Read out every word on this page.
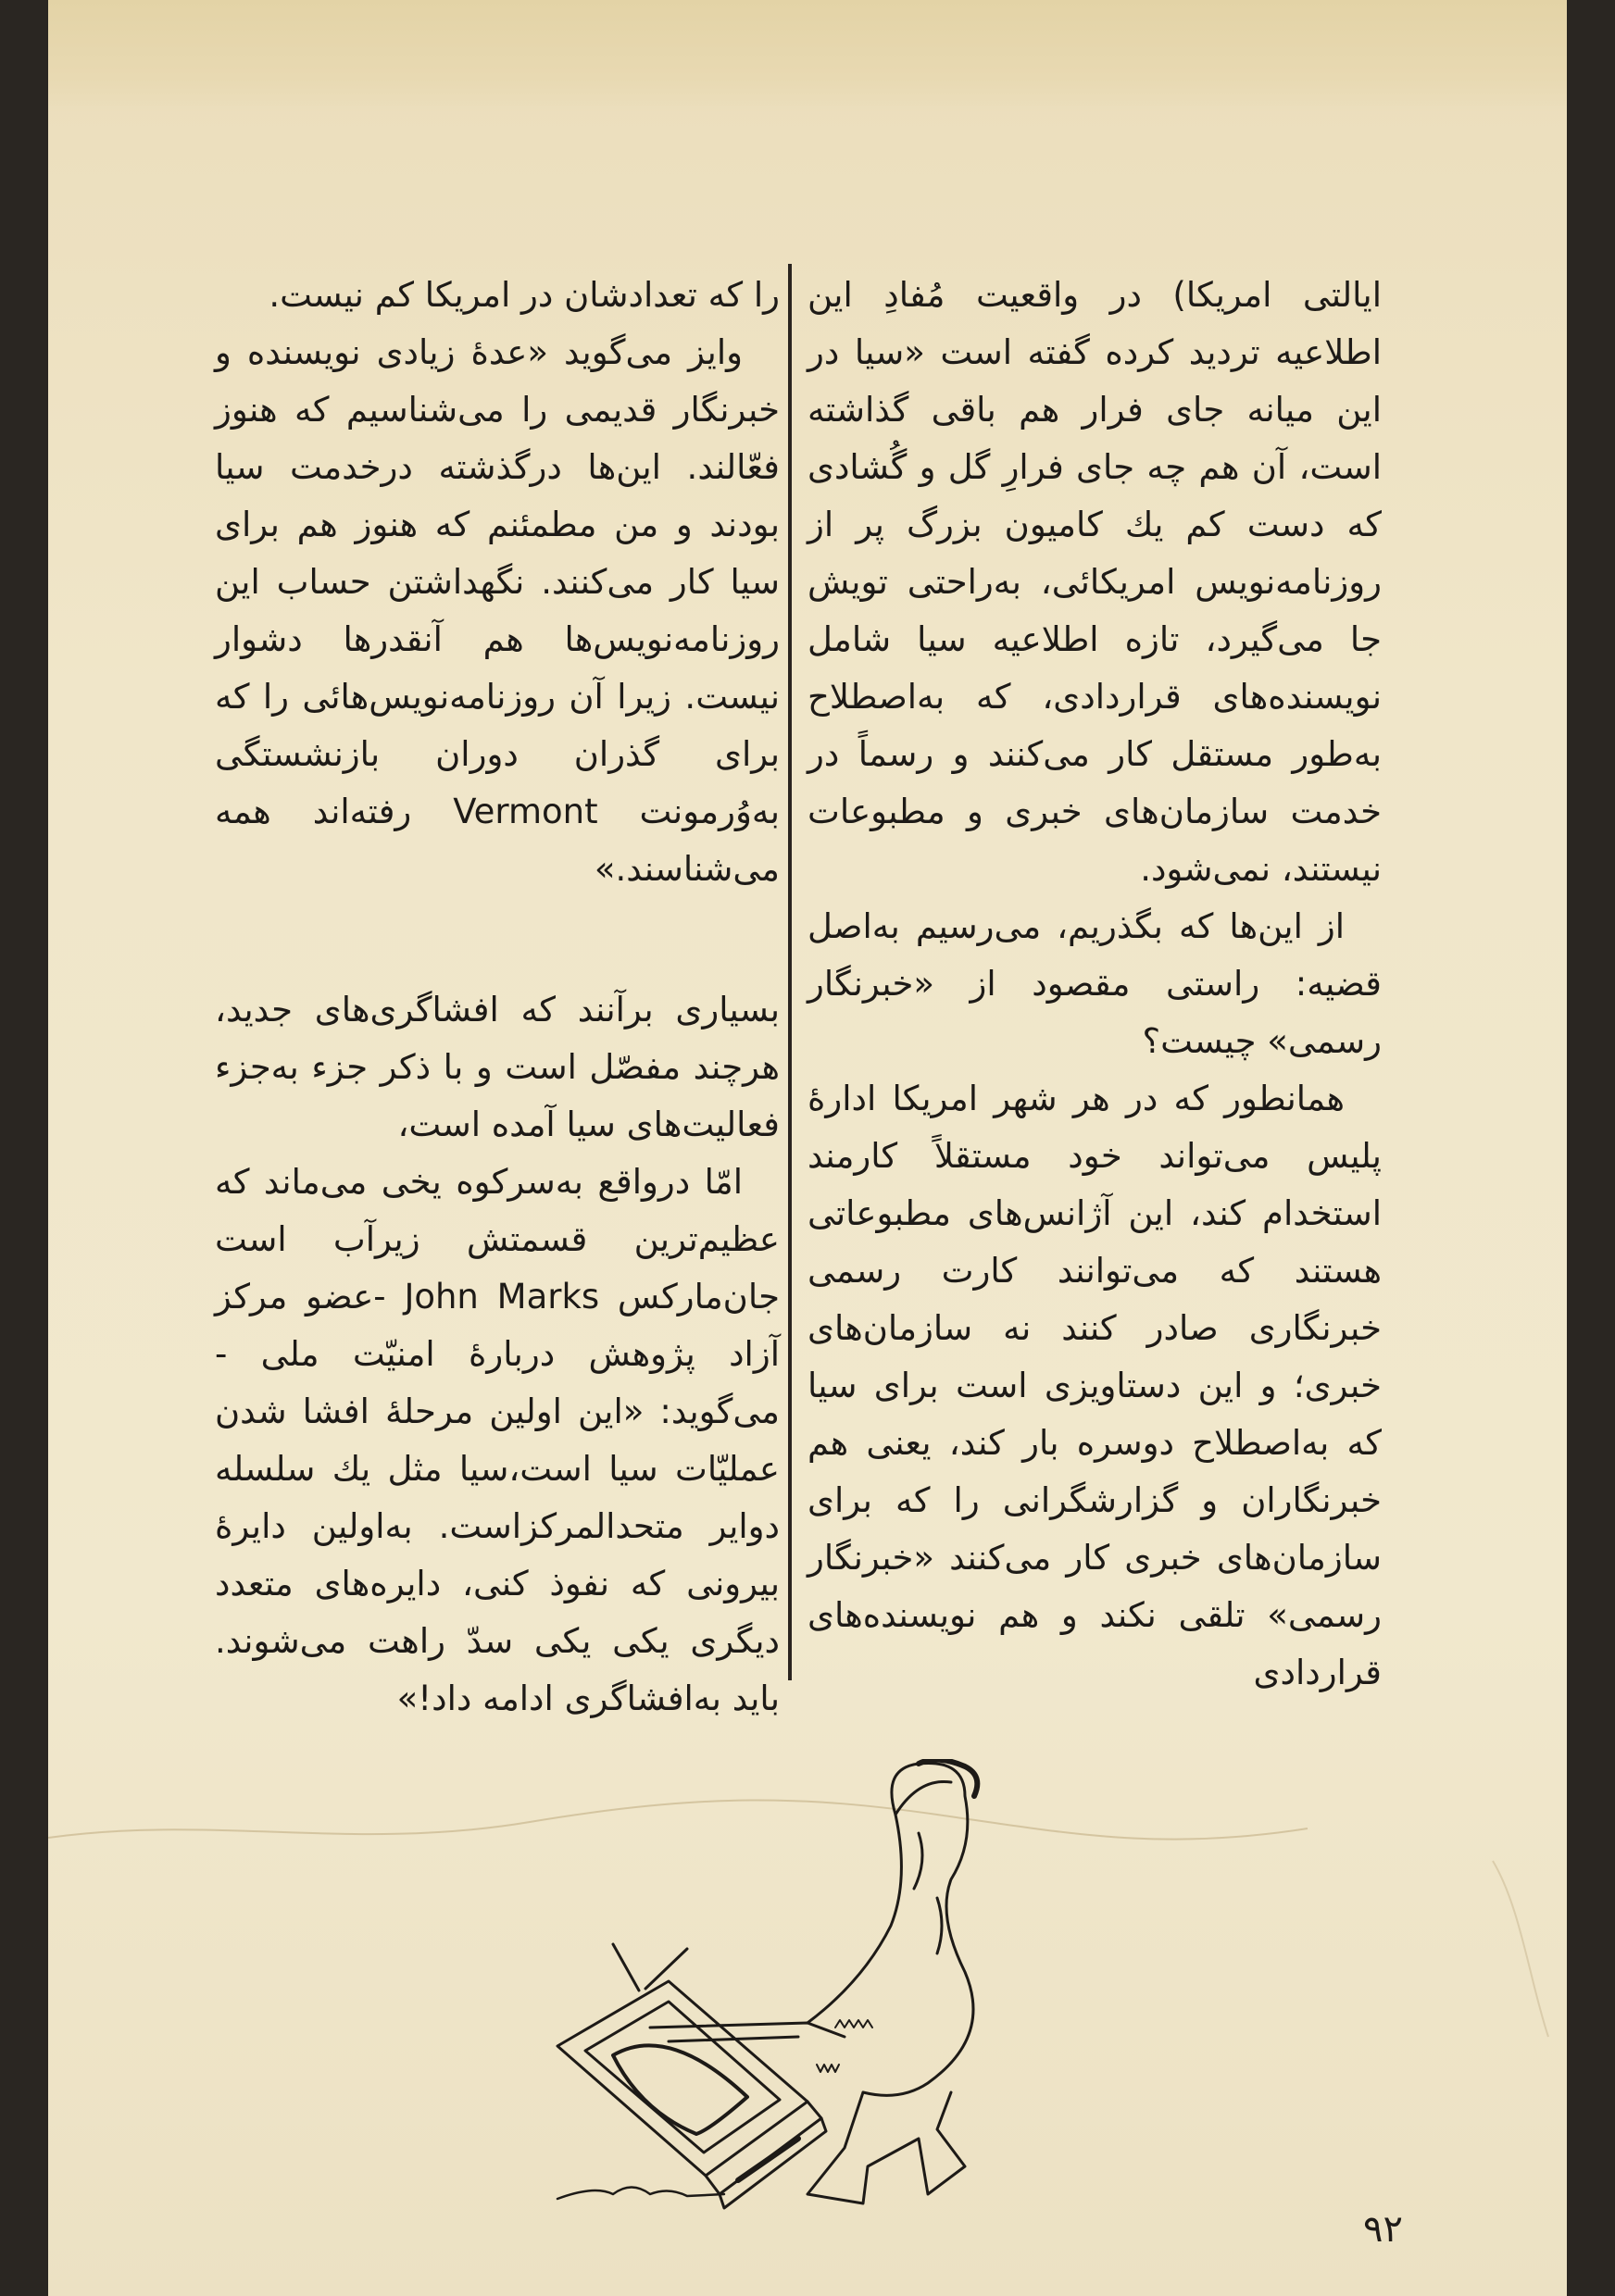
ایالتی امریکا) در واقعیت مُفادِ این اطلاعیه تردید کرده گفته است «سیا در این میانه جای فرار هم باقی گذاشته است، آن هم چه جای فرارِ گل و گُشادی که دست کم یك کامیون بزرگ پر از روزنامه‌نویس امریکائی، به‌راحتی تویش جا می‌گیرد، تازه اطلاعیه سیا شامل نویسنده‌های قراردادی، که به‌اصطلاح به‌طور مستقل کار می‌کنند و رسماً در خدمت سازمان‌های خبری و مطبوعات نیستند، نمی‌شود.

از این‌ها که بگذریم، می‌رسیم به‌اصل قضیه: راستی مقصود از «خبرنگار رسمی» چیست؟

همانطور که در هر شهر امریکا ادارهٔ پلیس می‌تواند خود مستقلاً کارمند استخدام کند، این آژانس‌های مطبوعاتی هستند که می‌توانند کارت رسمی خبرنگاری صادر کنند نه سازمان‌های خبری؛ و این دستاویزی است برای سیا که به‌اصطلاح دوسره بار کند، یعنی هم خبرنگاران و گزارشگرانی را که برای سازمان‌های خبری کار می‌کنند «خبرنگار رسمی» تلقی نکند و هم نویسنده‌های قراردادی

را که تعدادشان در امریکا کم نیست.

وایز می‌گوید «عدهٔ زیادی نویسنده و خبرنگار قدیمی را می‌شناسیم که هنوز فعّالند. این‌ها درگذشته درخدمت سیا بودند و من مطمئنم که هنوز هم برای سیا کار می‌کنند. نگهداشتن حساب این روزنامه‌نویس‌ها هم آنقدرها دشوار نیست. زیرا آن روزنامه‌نویس‌هائی را که برای گذران دوران بازنشستگی به‌وُرمونت Vermont رفته‌اند همه می‌شناسند.»

بسیاری برآنند که افشاگری‌های جدید، هرچند مفصّل است و با ذکر جزء به‌جزء فعالیت‌های سیا آمده است،

امّا درواقع به‌سرکوه یخی می‌ماند که عظیم‌ترین قسمتش زیرآب است جان‌مارکس John Marks -عضو مرکز آزاد پژوهش دربارهٔ امنیّت ملی - می‌گوید: «این اولین مرحلهٔ افشا شدن عملیّات سیا است،سیا مثل یك سلسله دوایر متحدالمرکزاست. به‌اولین دایرهٔ بیرونی که نفوذ کنی، دایره‌های متعدد دیگری یکی یکی سدّ راهت می‌شوند. باید به‌افشاگری ادامه داد!»

۹۲
